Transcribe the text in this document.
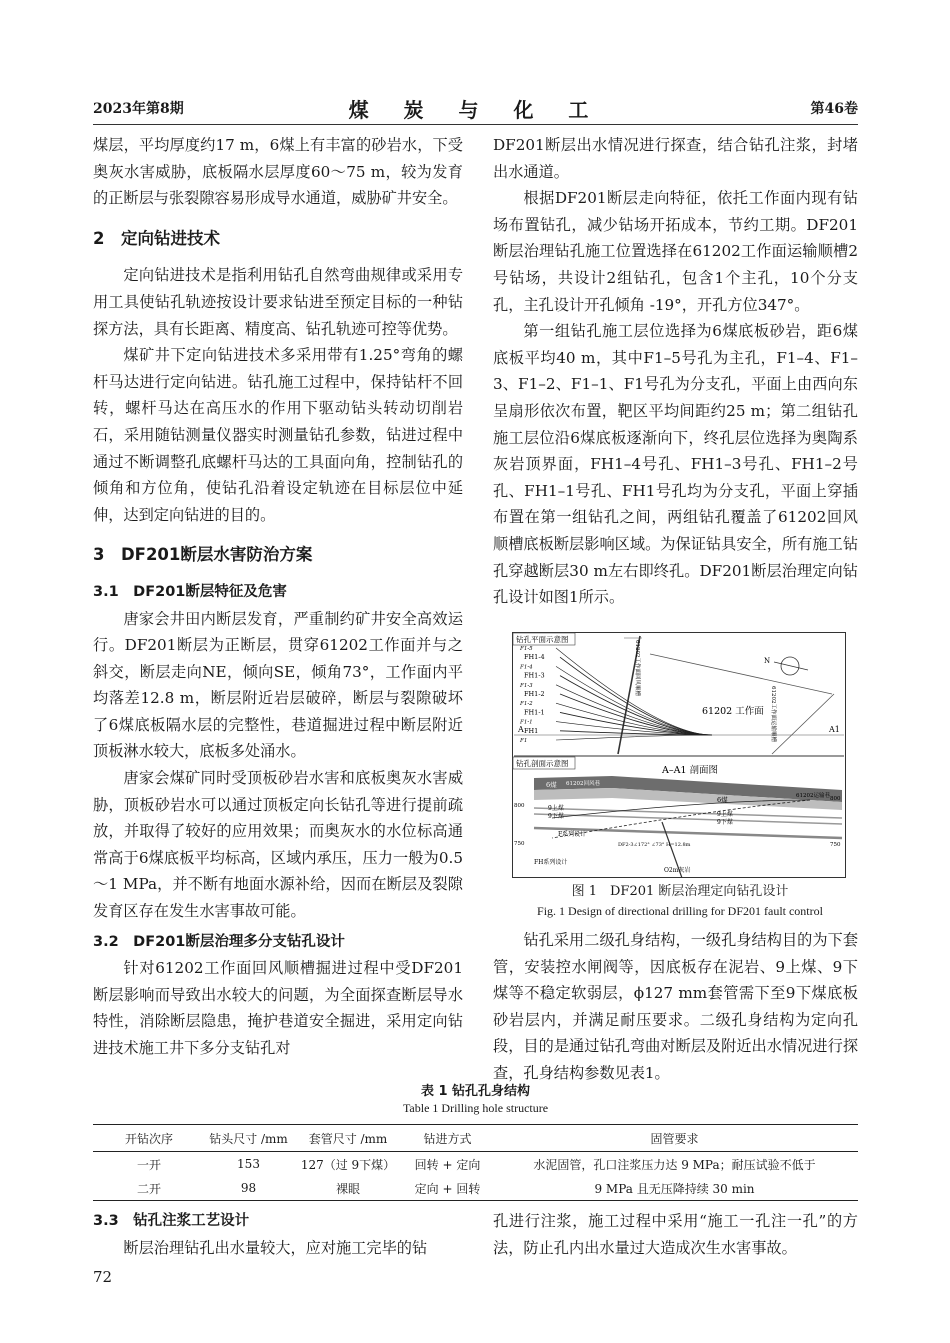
2023年第8期	煤 炭 与 化 工	第46卷

煤层，平均厚度约17 m，6煤上有丰富的砂岩水，下受奥灰水害威胁，底板隔水层厚度60～75 m，较为发育的正断层与张裂隙容易形成导水通道，威胁矿井安全。

2　定向钻进技术

定向钻进技术是指利用钻孔自然弯曲规律或采用专用工具使钻孔轨迹按设计要求钻进至预定目标的一种钻探方法，具有长距离、精度高、钻孔轨迹可控等优势。

煤矿井下定向钻进技术多采用带有1.25°弯角的螺杆马达进行定向钻进。钻孔施工过程中，保持钻杆不回转，螺杆马达在高压水的作用下驱动钻头转动切削岩石，采用随钻测量仪器实时测量钻孔参数，钻进过程中通过不断调整孔底螺杆马达的工具面向角，控制钻孔的倾角和方位角，使钻孔沿着设定轨迹在目标层位中延伸，达到定向钻进的目的。

3　DF201断层水害防治方案
3.1　DF201断层特征及危害

唐家会井田内断层发育，严重制约矿井安全高效运行。DF201断层为正断层，贯穿61202工作面并与之斜交，断层走向NE，倾向SE，倾角73°，工作面内平均落差12.8 m，断层附近岩层破碎，断层与裂隙破坏了6煤底板隔水层的完整性，巷道掘进过程中断层附近顶板淋水较大，底板多处涌水。

唐家会煤矿同时受顶板砂岩水害和底板奥灰水害威胁，顶板砂岩水可以通过顶板定向长钻孔等进行提前疏放，并取得了较好的应用效果；而奥灰水的水位标高通常高于6煤底板平均标高，区域内承压，压力一般为0.5～1 MPa，并不断有地面水源补给，因而在断层及裂隙发育区存在发生水害事故可能。

3.2　DF201断层治理多分支钻孔设计

针对61202工作面回风顺槽掘进过程中受DF201断层影响而导致出水较大的问题，为全面探查断层导水特性，消除断层隐患，掩护巷道安全掘进，采用定向钻进技术施工井下多分支钻孔对

DF201断层出水情况进行探查，结合钻孔注浆，封堵出水通道。

根据DF201断层走向特征，依托工作面内现有钻场布置钻孔，减少钻场开拓成本，节约工期。DF201断层治理钻孔施工位置选择在61202工作面运输顺槽2号钻场，共设计2组钻孔，包含1个主孔，10个分支孔，主孔设计开孔倾角 -19°，开孔方位347°。

第一组钻孔施工层位选择为6煤底板砂岩，距6煤底板平均40 m，其中F1–5号孔为主孔，F1–4、F1–3、F1–2、F1–1、F1号孔为分支孔，平面上由西向东呈扇形依次布置，靶区平均间距约25 m；第二组钻孔施工层位沿6煤底板逐渐向下，终孔层位选择为奥陶系灰岩顶界面，FH1–4号孔、FH1–3号孔、FH1–2号孔、FH1–1号孔、FH1号孔均为分支孔，平面上穿插布置在第一组钻孔之间，两组钻孔覆盖了61202回风顺槽底板断层影响区域。为保证钻具安全，所有施工钻孔穿越断层30 m左右即终孔。DF201断层治理定向钻孔设计如图1所示。

钻孔平面示意图
A	A1
61202 工作面
61202工作面回风顺槽
61202工作面运输顺槽
N
F1-5
FH1-4
F1-4
FH1-3
F1-3
FH1-2
F1-2
FH1-1
F1-1
FH1
F1
钻孔剖面示意图
A–A1 剖面图
6煤
6煤
61202回风巷
61202运输巷
9上煤
9下煤	9上煤
9下煤
F系列设计
FH系列设计
DF2-3∠172° ∠73° H=12.8m
O2m灰岩
800
750
800
750
图 1　DF201 断层治理定向钻孔设计
Fig. 1 Design of directional drilling for DF201 fault control

钻孔采用二级孔身结构，一级孔身结构目的为下套管，安装控水闸阀等，因底板存在泥岩、9上煤、9下煤等不稳定软弱层，ϕ127 mm套管需下至9下煤底板砂岩层内，并满足耐压要求。二级孔身结构为定向孔段，目的是通过钻孔弯曲对断层及附近出水情况进行探查，孔身结构参数见表1。

表 1 钻孔孔身结构
Table 1 Drilling hole structure
开钻次序	钻头尺寸 /mm	套管尺寸 /mm	钻进方式	固管要求
一开	153	127（过 9下煤）	回转 + 定向	水泥固管，孔口注浆压力达 9 MPa；耐压试验不低于
二开	98	裸眼	定向 + 回转	9 MPa 且无压降持续 30 min
3.3　钻孔注浆工艺设计

断层治理钻孔出水量较大，应对施工完毕的钻

孔进行注浆，施工过程中采用“施工一孔注一孔”的方法，防止孔内出水量过大造成次生水害事故。

72
